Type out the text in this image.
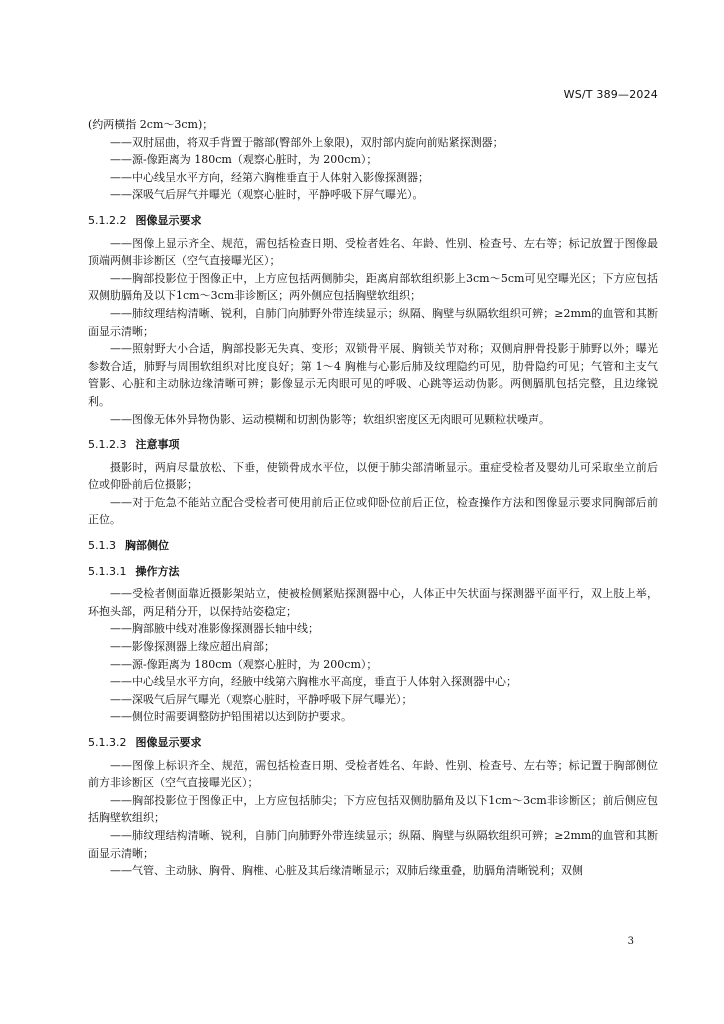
WS/T 389—2024

(约两横指 2cm～3cm)；

——双肘屈曲，将双手背置于髂部(臀部外上象限)，双肘部内旋向前贴紧探测器；

——源-像距离为 180cm（观察心脏时，为 200cm）；

——中心线呈水平方向，经第六胸椎垂直于人体射入影像探测器；

——深吸气后屏气并曝光（观察心脏时，平静呼吸下屏气曝光）。

5.1.2.2 图像显示要求

——图像上显示齐全、规范，需包括检查日期、受检者姓名、年龄、性别、检查号、左右等；标记放置于图像最顶端两侧非诊断区（空气直接曝光区）；

——胸部投影位于图像正中，上方应包括两侧肺尖，距离肩部软组织影上3cm～5cm可见空曝光区；下方应包括双侧肋膈角及以下1cm～3cm非诊断区；两外侧应包括胸壁软组织；

——肺纹理结构清晰、锐利，自肺门向肺野外带连续显示；纵隔、胸壁与纵隔软组织可辨；≥2mm的血管和其断面显示清晰；

——照射野大小合适，胸部投影无失真、变形；双锁骨平展、胸锁关节对称；双侧肩胛骨投影于肺野以外；曝光参数合适，肺野与周围软组织对比度良好；第 1～4 胸椎与心影后肺及纹理隐约可见，肋骨隐约可见；气管和主支气管影、心脏和主动脉边缘清晰可辨；影像显示无肉眼可见的呼吸、心跳等运动伪影。两侧膈肌包括完整，且边缘锐利。

——图像无体外异物伪影、运动模糊和切割伪影等；软组织密度区无肉眼可见颗粒状噪声。

5.1.2.3 注意事项

摄影时，两肩尽量放松、下垂，使锁骨成水平位，以便于肺尖部清晰显示。重症受检者及婴幼儿可采取坐立前后位或仰卧前后位摄影；

——对于危急不能站立配合受检者可使用前后正位或仰卧位前后正位，检查操作方法和图像显示要求同胸部后前正位。

5.1.3 胸部侧位
5.1.3.1 操作方法

——受检者侧面靠近摄影架站立，使被检侧紧贴探测器中心，人体正中矢状面与探测器平面平行，双上肢上举，环抱头部，两足稍分开，以保持站姿稳定；

——胸部腋中线对准影像探测器长轴中线；

——影像探测器上缘应超出肩部；

——源-像距离为 180cm（观察心脏时，为 200cm）；

——中心线呈水平方向，经腋中线第六胸椎水平高度，垂直于人体射入探测器中心；

——深吸气后屏气曝光（观察心脏时，平静呼吸下屏气曝光）；

——侧位时需要调整防护铅围裙以达到防护要求。

5.1.3.2 图像显示要求

——图像上标识齐全、规范，需包括检查日期、受检者姓名、年龄、性别、检查号、左右等；标记置于胸部侧位前方非诊断区（空气直接曝光区）；

——胸部投影位于图像正中，上方应包括肺尖；下方应包括双侧肋膈角及以下1cm～3cm非诊断区；前后侧应包括胸壁软组织；

——肺纹理结构清晰、锐利，自肺门向肺野外带连续显示；纵隔、胸壁与纵隔软组织可辨；≥2mm的血管和其断面显示清晰；

——气管、主动脉、胸骨、胸椎、心脏及其后缘清晰显示；双肺后缘重叠，肋膈角清晰锐利；双侧

3
